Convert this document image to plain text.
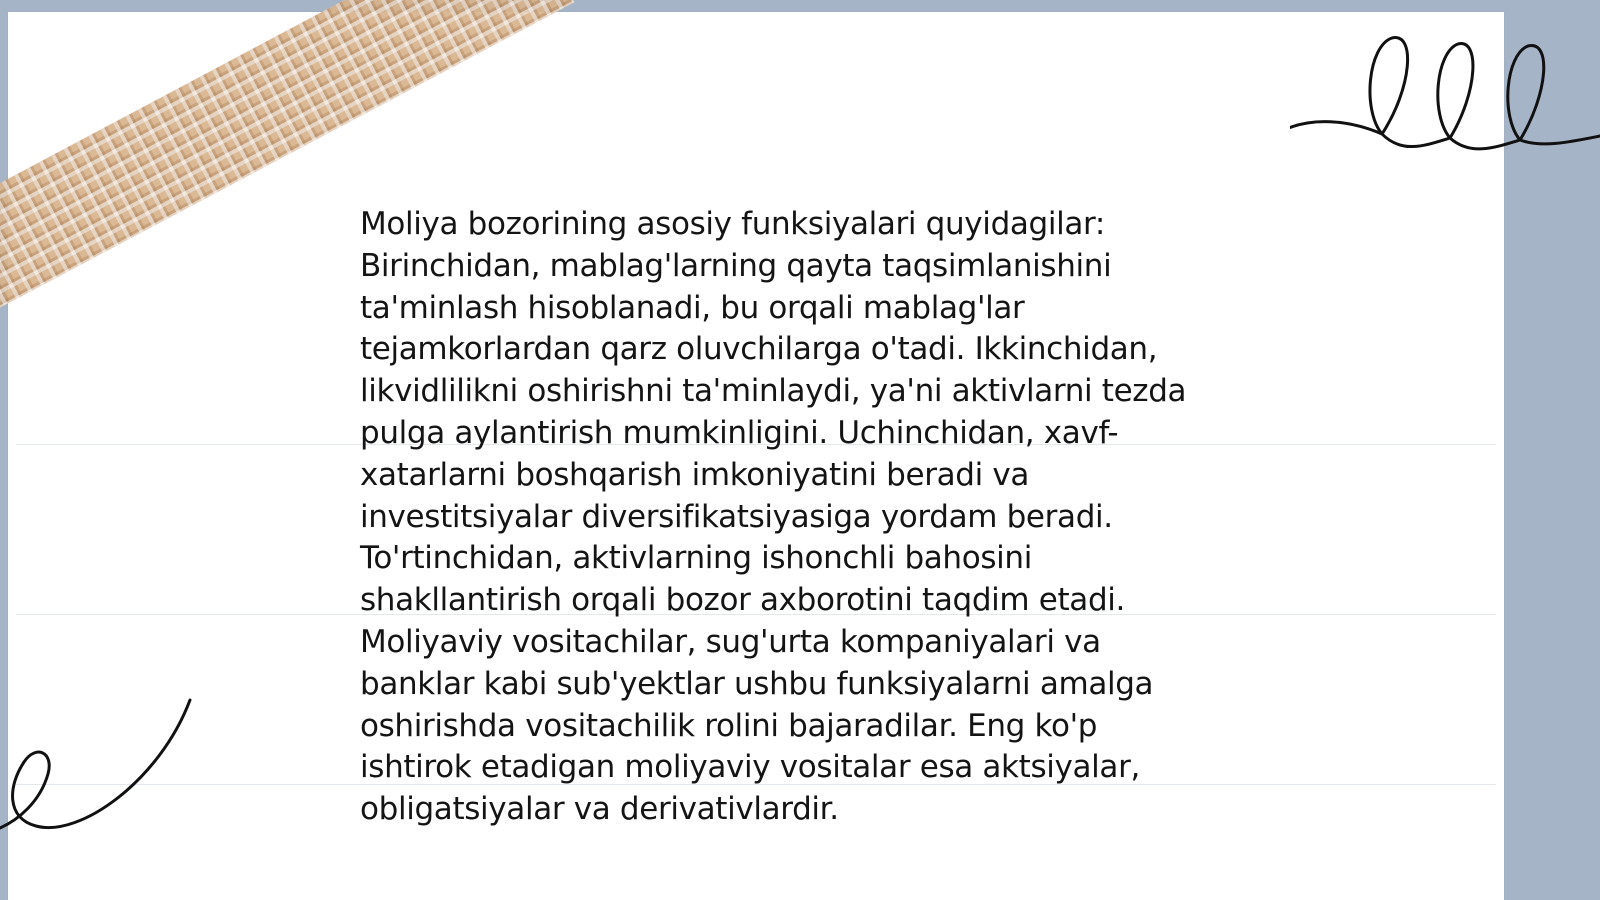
Moliya bozorining asosiy funksiyalari quyidagilar:
Birinchidan, mablag'larning qayta taqsimlanishini
ta'minlash hisoblanadi, bu orqali mablag'lar
tejamkorlardan qarz oluvchilarga o'tadi. Ikkinchidan,
likvidlilikni oshirishni ta'minlaydi, ya'ni aktivlarni tezda
pulga aylantirish mumkinligini. Uchinchidan, xavf-
xatarlarni boshqarish imkoniyatini beradi va
investitsiyalar diversifikatsiyasiga yordam beradi.
To'rtinchidan, aktivlarning ishonchli bahosini
shakllantirish orqali bozor axborotini taqdim etadi.
Moliyaviy vositachilar, sug'urta kompaniyalari va
banklar kabi sub'yektlar ushbu funksiyalarni amalga
oshirishda vositachilik rolini bajaradilar. Eng ko'p
ishtirok etadigan moliyaviy vositalar esa aktsiyalar,
obligatsiyalar va derivativlardir.
